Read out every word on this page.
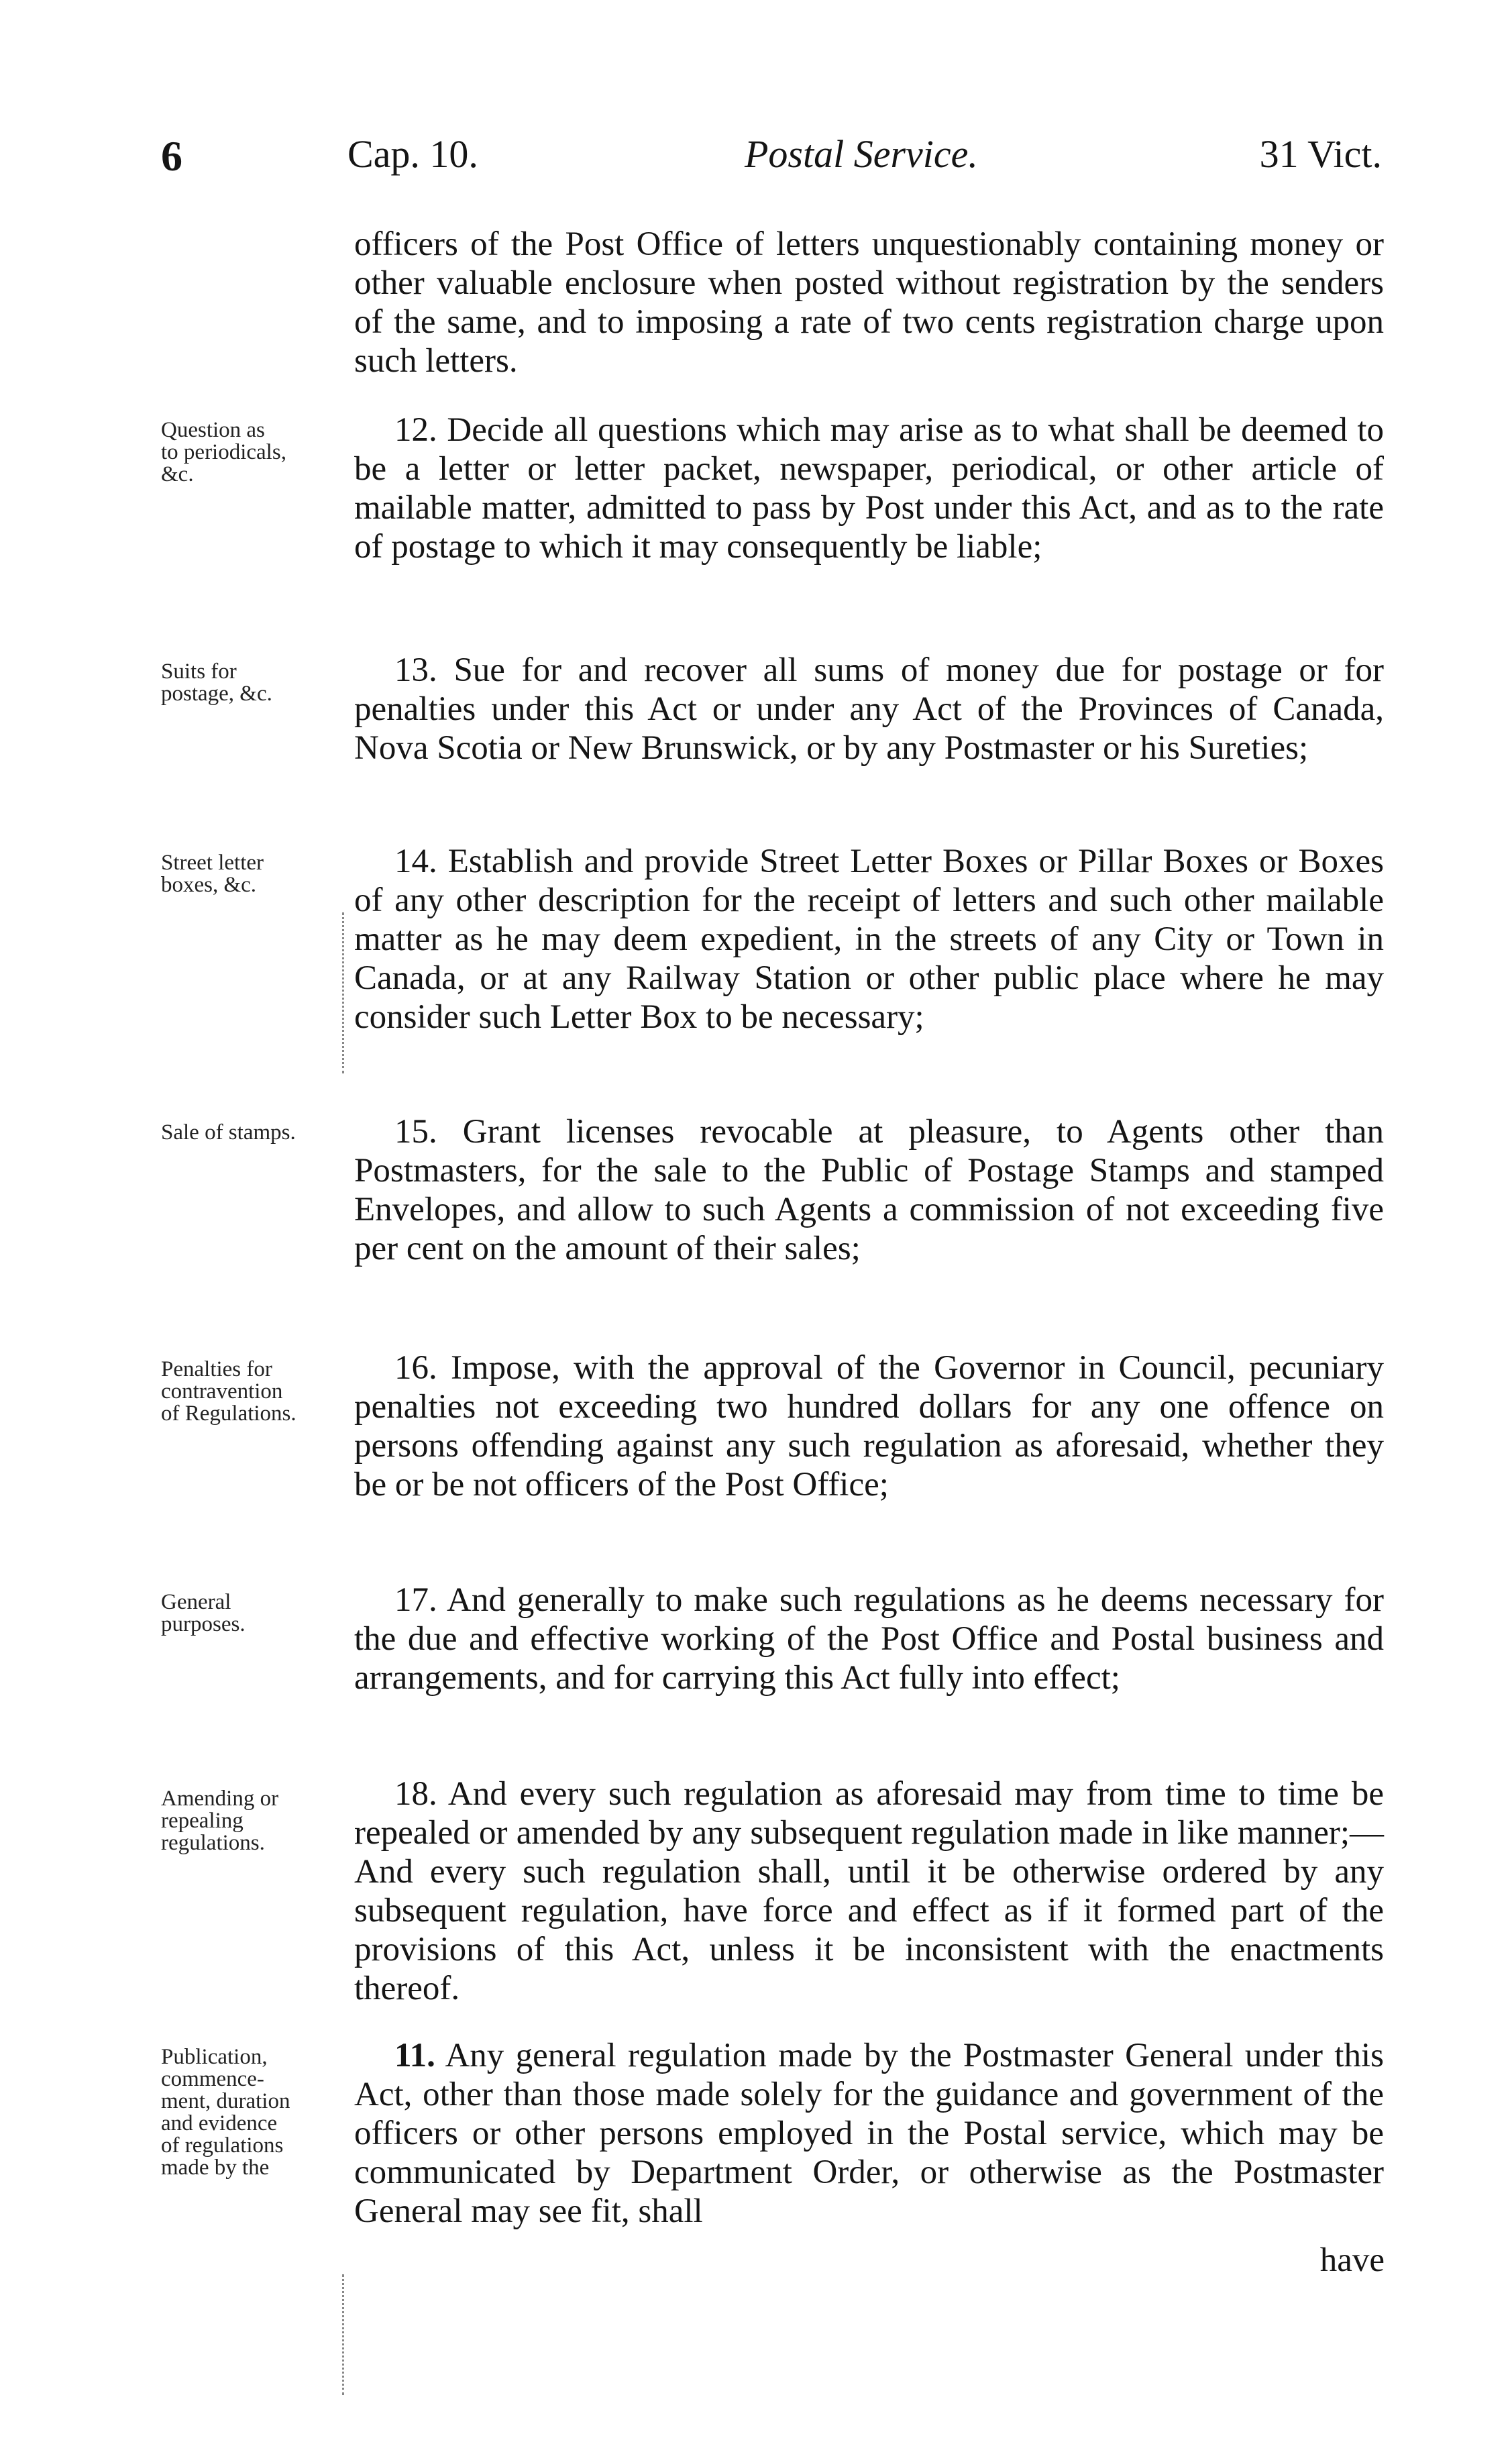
6	Cap. 10.	Postal Service.	31 Vict.

officers of the Post Office of letters unquestionably containing money or other valuable enclosure when posted without registration by the senders of the same, and to imposing a rate of two cents registration charge upon such letters.

Question as
to periodicals,
&c.
12. Decide all questions which may arise as to what shall be deemed to be a letter or letter packet, newspaper, periodical, or other article of mailable matter, admitted to pass by Post under this Act, and as to the rate of postage to which it may consequently be liable;
Suits for
postage, &c.
13. Sue for and recover all sums of money due for postage or for penalties under this Act or under any Act of the Provinces of Canada, Nova Scotia or New Brunswick, or by any Postmaster or his Sureties;
Street letter
boxes, &c.
14. Establish and provide Street Letter Boxes or Pillar Boxes or Boxes of any other description for the receipt of letters and such other mailable matter as he may deem expedient, in the streets of any City or Town in Canada, or at any Railway Station or other public place where he may consider such Letter Box to be necessary;
Sale of stamps.	15. Grant licenses revocable at pleasure, to Agents other than Postmasters, for the sale to the Public of Postage Stamps and stamped Envelopes, and allow to such Agents a commission of not exceeding five per cent on the amount of their sales;
Penalties for
contravention
of Regulations.
16. Impose, with the approval of the Governor in Council, pecuniary penalties not exceeding two hundred dollars for any one offence on persons offending against any such regulation as aforesaid, whether they be or be not officers of the Post Office;
General
purposes.
17. And generally to make such regulations as he deems necessary for the due and effective working of the Post Office and Postal business and arrangements, and for carrying this Act fully into effect;
Amending or
repealing
regulations.
18. And every such regulation as aforesaid may from time to time be repealed or amended by any subsequent regulation made in like manner;—And every such regulation shall, until it be otherwise ordered by any subsequent regulation, have force and effect as if it formed part of the provisions of this Act, unless it be inconsistent with the enactments thereof.
Publication,
commence-
ment, duration
and evidence
of regulations
made by the
11. Any general regulation made by the Postmaster General under this Act, other than those made solely for the guidance and government of the officers or other persons employed in the Postal service, which may be communicated by Department Order, or otherwise as the Postmaster General may see fit, shall
have
